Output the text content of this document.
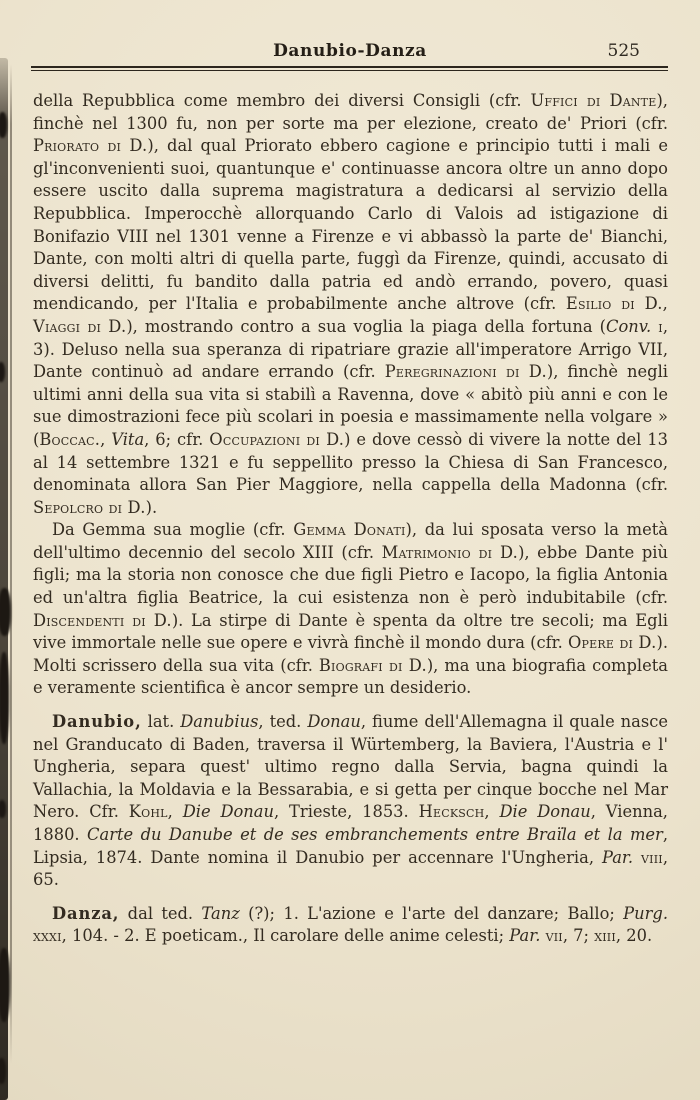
Danubio-Danza	525

della Repubblica come membro dei diversi Consigli (cfr. Uffici di Dante), finchè nel 1300 fu, non per sorte ma per elezione, creato de' Priori (cfr. Priorato di D.), dal qual Priorato ebbero cagione e principio tutti i mali e gl'inconvenienti suoi, quantunque e' continuasse ancora oltre un anno dopo essere uscito dalla suprema magistratura a dedicarsi al servizio della Repubblica. Imperocchè allorquando Carlo di Valois ad istigazione di Bonifazio VIII nel 1301 venne a Firenze e vi abbassò la parte de' Bianchi, Dante, con molti altri di quella parte, fuggì da Firenze, quindi, accusato di diversi delitti, fu bandito dalla patria ed andò errando, povero, quasi mendicando, per l'Italia e probabilmente anche altrove (cfr. Esilio di D., Viaggi di D.), mostrando contro a sua voglia la piaga della fortuna (Conv. i, 3). Deluso nella sua speranza di ripatriare grazie all'imperatore Arrigo VII, Dante continuò ad andare errando (cfr. Peregrinazioni di D.), finchè negli ultimi anni della sua vita si stabilì a Ravenna, dove « abitò più anni e con le sue dimostrazioni fece più scolari in poesia e massimamente nella volgare » (Boccac., Vita, 6; cfr. Occupazioni di D.) e dove cessò di vivere la notte del 13 al 14 settembre 1321 e fu seppellito presso la Chiesa di San Francesco, denominata allora San Pier Maggiore, nella cappella della Madonna (cfr. Sepolcro di D.).

Da Gemma sua moglie (cfr. Gemma Donati), da lui sposata verso la metà dell'ultimo decennio del secolo XIII (cfr. Matrimonio di D.), ebbe Dante più figli; ma la storia non conosce che due figli Pietro e Iacopo, la figlia Antonia ed un'altra figlia Beatrice, la cui esistenza non è però indubitabile (cfr. Discendenti di D.). La stirpe di Dante è spenta da oltre tre secoli; ma Egli vive immortale nelle sue opere e vivrà finchè il mondo dura (cfr. Opere di D.). Molti scrissero della sua vita (cfr. Biografi di D.), ma una biografia completa e veramente scientifica è ancor sempre un desiderio.

Danubio, lat. Danubius, ted. Donau, fiume dell'Allemagna il quale nasce nel Granducato di Baden, traversa il Würtemberg, la Baviera, l'Austria e l' Ungheria, separa quest' ultimo regno dalla Servia, bagna quindi la Vallachia, la Moldavia e la Bessarabia, e si getta per cinque bocche nel Mar Nero. Cfr. Kohl, Die Donau, Trieste, 1853. Hecksch, Die Donau, Vienna, 1880. Carte du Danube et de ses embranchements entre Braïla et la mer, Lipsia, 1874. Dante nomina il Danubio per accennare l'Ungheria, Par. viii, 65.

Danza, dal ted. Tanz (?); 1. L'azione e l'arte del danzare; Ballo; Purg. xxxi, 104. - 2. E poeticam., Il carolare delle anime celesti; Par. vii, 7; xiii, 20.
